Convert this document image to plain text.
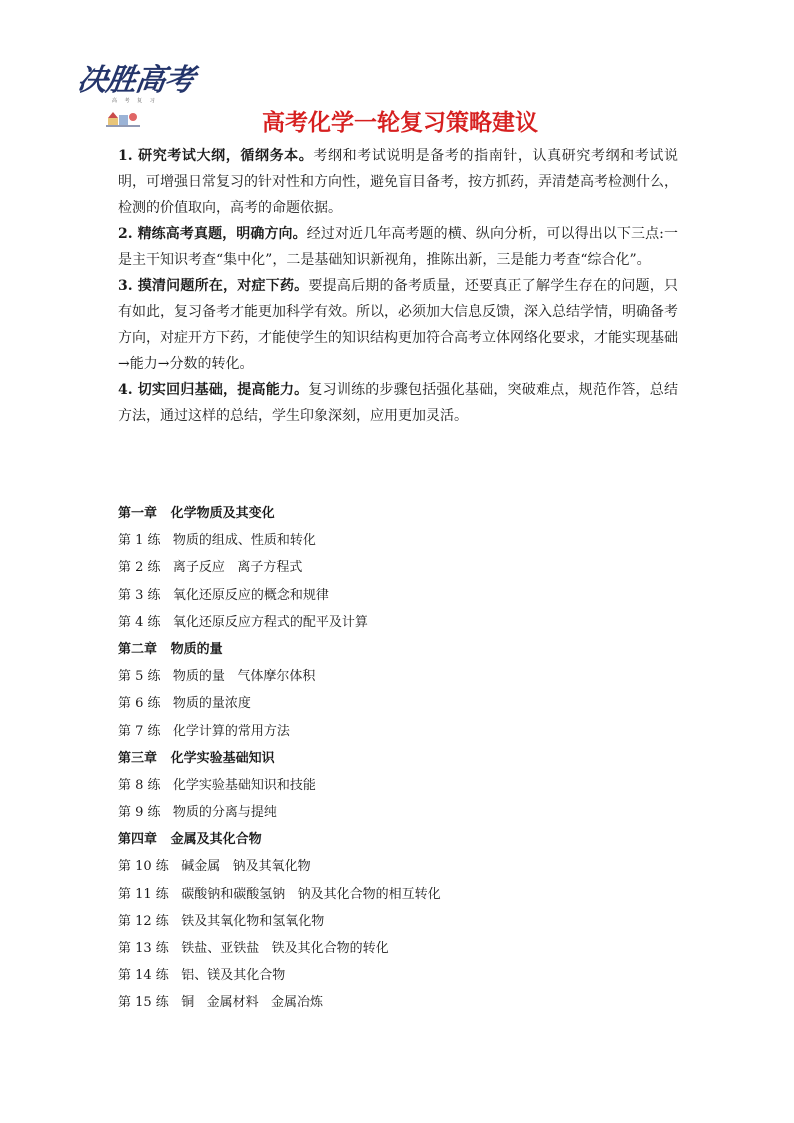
决胜高考
高 考 复 习
高考化学一轮复习策略建议

1. 研究考试大纲，循纲务本。考纲和考试说明是备考的指南针，认真研究考纲和考试说明，可增强日常复习的针对性和方向性，避免盲目备考，按方抓药，弄清楚高考检测什么，检测的价值取向，高考的命题依据。

2. 精练高考真题，明确方向。经过对近几年高考题的横、纵向分析，可以得出以下三点:一是主干知识考查“集中化”，二是基础知识新视角，推陈出新，三是能力考查“综合化”。

3. 摸清问题所在，对症下药。要提高后期的备考质量，还要真正了解学生存在的问题，只有如此，复习备考才能更加科学有效。所以，必须加大信息反馈，深入总结学情，明确备考方向，对症开方下药，才能使学生的知识结构更加符合高考立体网络化要求，才能实现基础→能力→分数的转化。

4. 切实回归基础，提高能力。复习训练的步骤包括强化基础，突破难点，规范作答，总结方法，通过这样的总结，学生印象深刻，应用更加灵活。

第一章   化学物质及其变化
第 1 练   物质的组成、性质和转化
第 2 练   离子反应   离子方程式
第 3 练   氧化还原反应的概念和规律
第 4 练   氧化还原反应方程式的配平及计算
第二章   物质的量
第 5 练   物质的量   气体摩尔体积
第 6 练   物质的量浓度
第 7 练   化学计算的常用方法
第三章   化学实验基础知识
第 8 练   化学实验基础知识和技能
第 9 练   物质的分离与提纯
第四章   金属及其化合物
第 10 练   碱金属   钠及其氧化物
第 11 练   碳酸钠和碳酸氢钠   钠及其化合物的相互转化
第 12 练   铁及其氧化物和氢氧化物
第 13 练   铁盐、亚铁盐   铁及其化合物的转化
第 14 练   铝、镁及其化合物
第 15 练   铜   金属材料   金属冶炼
